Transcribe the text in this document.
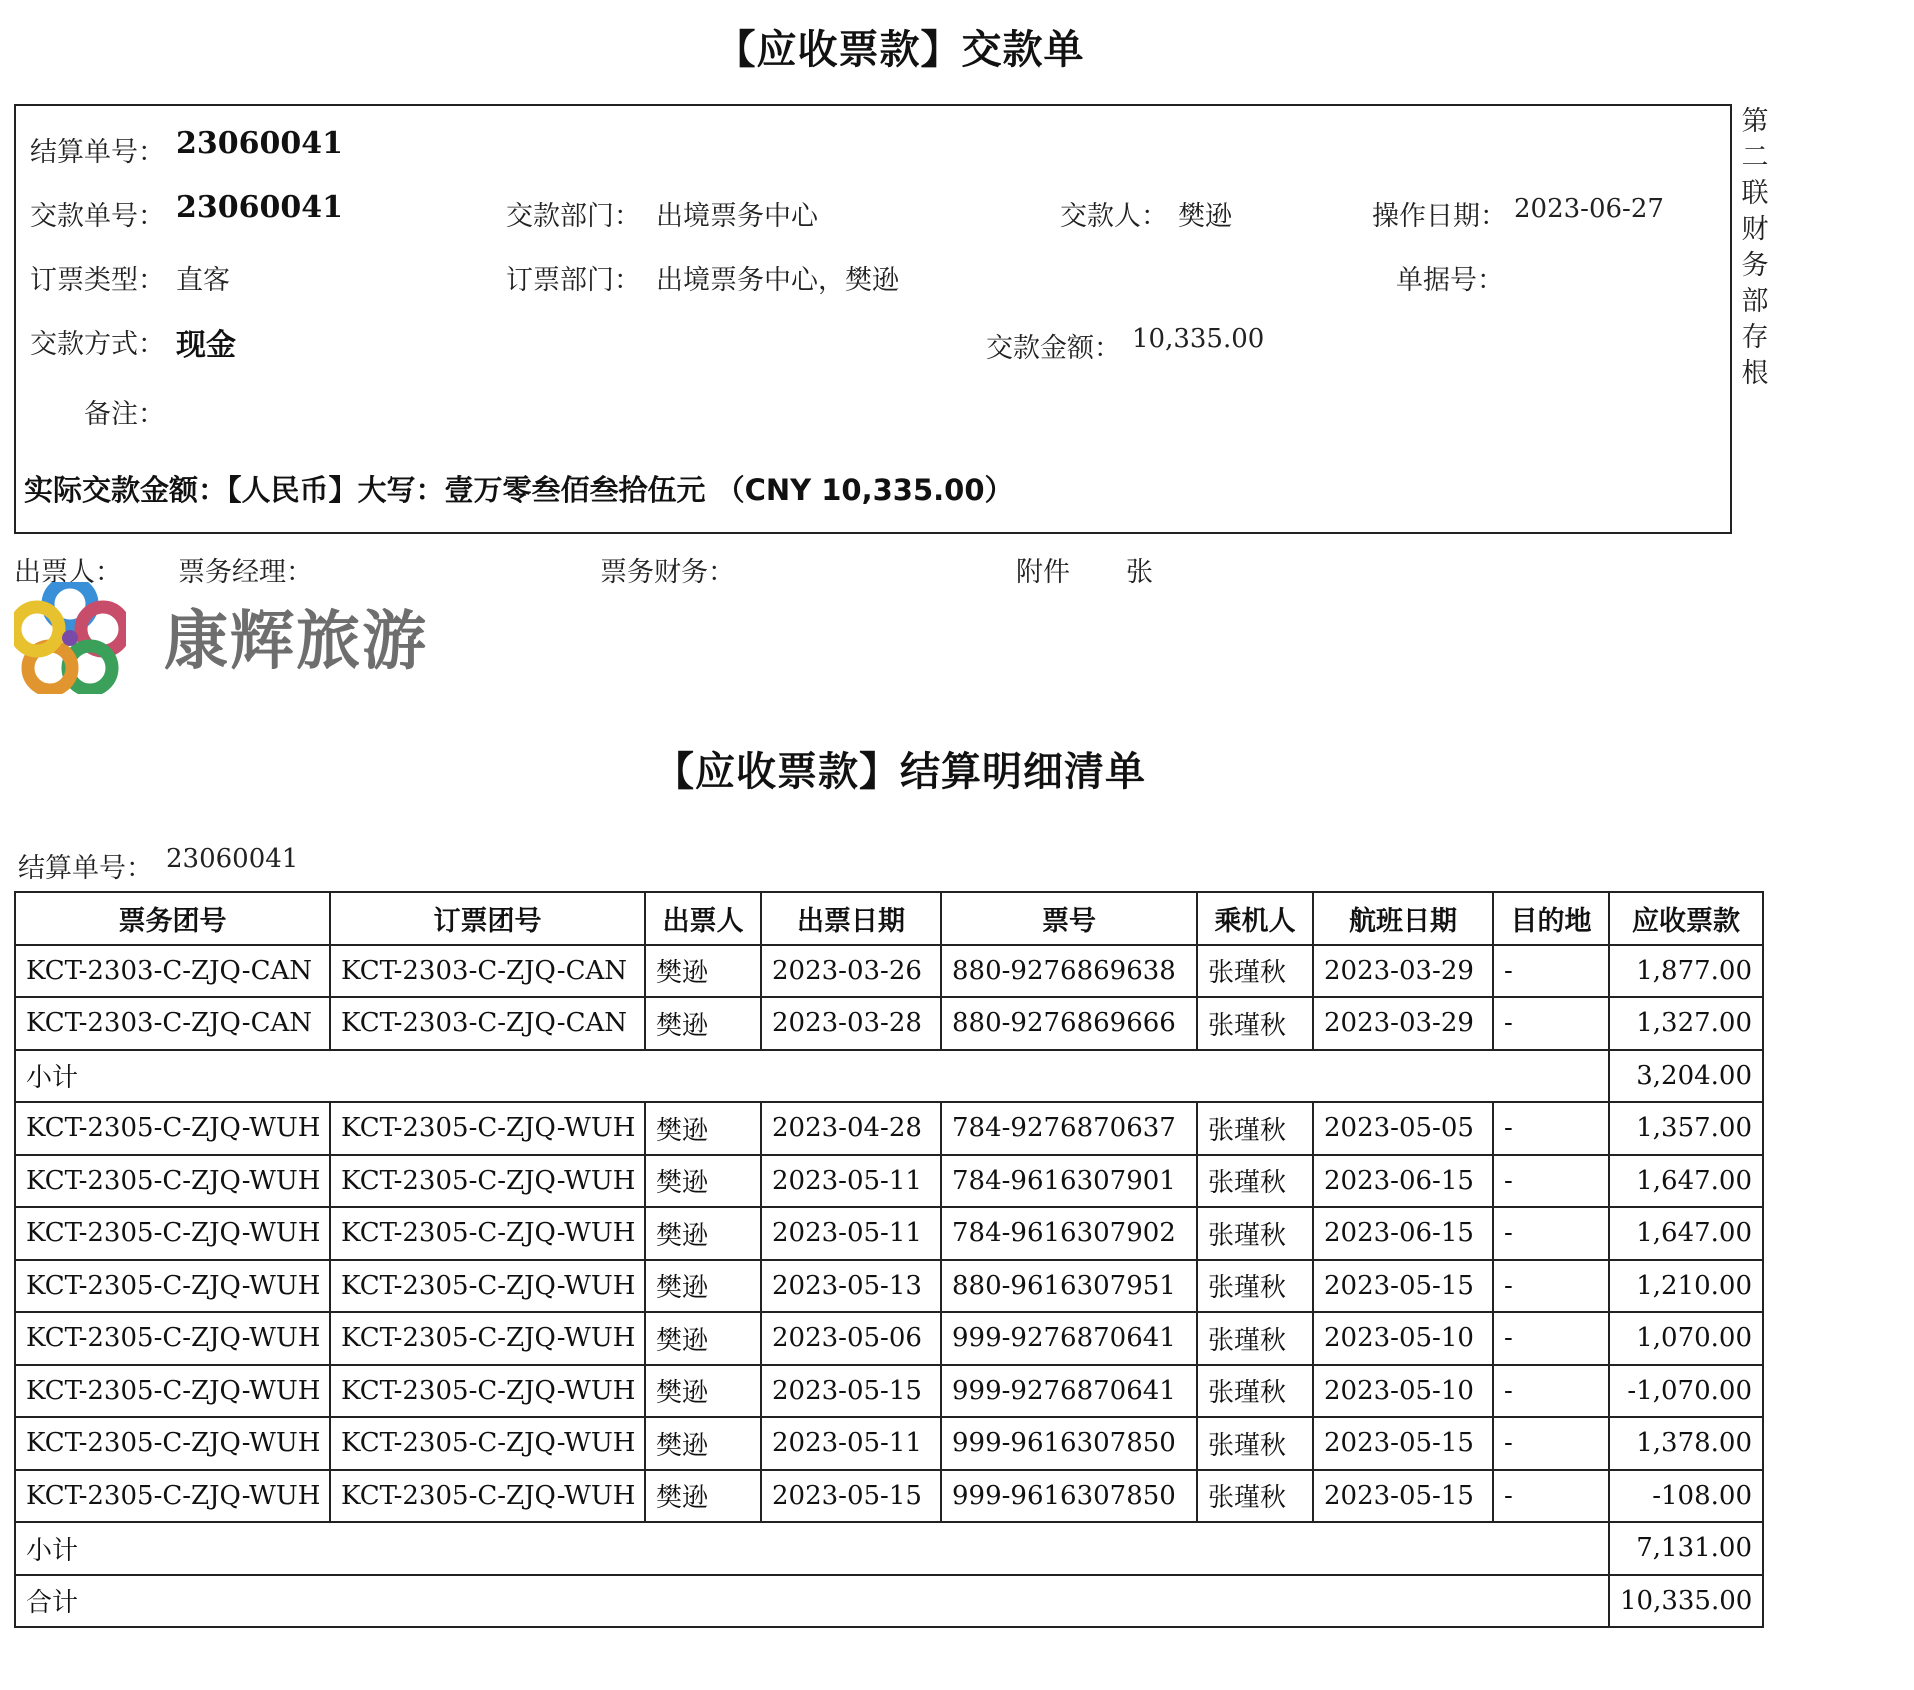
【应收票款】交款单
结算单号： 23060041
交款单号： 23060041	交款部门： 出境票务中心	交款人： 樊逊	操作日期： 2023-06-27
订票类型： 直客	订票部门： 出境票务中心，樊逊	单据号：
交款方式： 现金	交款金额： 10,335.00
备注：
实际交款金额：【人民币】大写：壹万零叁佰叁拾伍元 （CNY 10,335.00）
第二联财务部存根
出票人： 票务经理：	票务财务：	附件 张
康辉旅游
【应收票款】结算明细清单
结算单号： 23060041
票务团号	订票团号	出票人	出票日期	票号	乘机人	航班日期	目的地	应收票款
KCT-2303-C-ZJQ-CAN	KCT-2303-C-ZJQ-CAN	樊逊	2023-03-26	880-9276869638	张瑾秋	2023-03-29	-	1,877.00
KCT-2303-C-ZJQ-CAN	KCT-2303-C-ZJQ-CAN	樊逊	2023-03-28	880-9276869666	张瑾秋	2023-03-29	-	1,327.00
小计								3,204.00
KCT-2305-C-ZJQ-WUH	KCT-2305-C-ZJQ-WUH	樊逊	2023-04-28	784-9276870637	张瑾秋	2023-05-05	-	1,357.00
KCT-2305-C-ZJQ-WUH	KCT-2305-C-ZJQ-WUH	樊逊	2023-05-11	784-9616307901	张瑾秋	2023-06-15	-	1,647.00
KCT-2305-C-ZJQ-WUH	KCT-2305-C-ZJQ-WUH	樊逊	2023-05-11	784-9616307902	张瑾秋	2023-06-15	-	1,647.00
KCT-2305-C-ZJQ-WUH	KCT-2305-C-ZJQ-WUH	樊逊	2023-05-13	880-9616307951	张瑾秋	2023-05-15	-	1,210.00
KCT-2305-C-ZJQ-WUH	KCT-2305-C-ZJQ-WUH	樊逊	2023-05-06	999-9276870641	张瑾秋	2023-05-10	-	1,070.00
KCT-2305-C-ZJQ-WUH	KCT-2305-C-ZJQ-WUH	樊逊	2023-05-15	999-9276870641	张瑾秋	2023-05-10	-	-1,070.00
KCT-2305-C-ZJQ-WUH	KCT-2305-C-ZJQ-WUH	樊逊	2023-05-11	999-9616307850	张瑾秋	2023-05-15	-	1,378.00
KCT-2305-C-ZJQ-WUH	KCT-2305-C-ZJQ-WUH	樊逊	2023-05-15	999-9616307850	张瑾秋	2023-05-15	-	-108.00
小计								7,131.00
合计								10,335.00
